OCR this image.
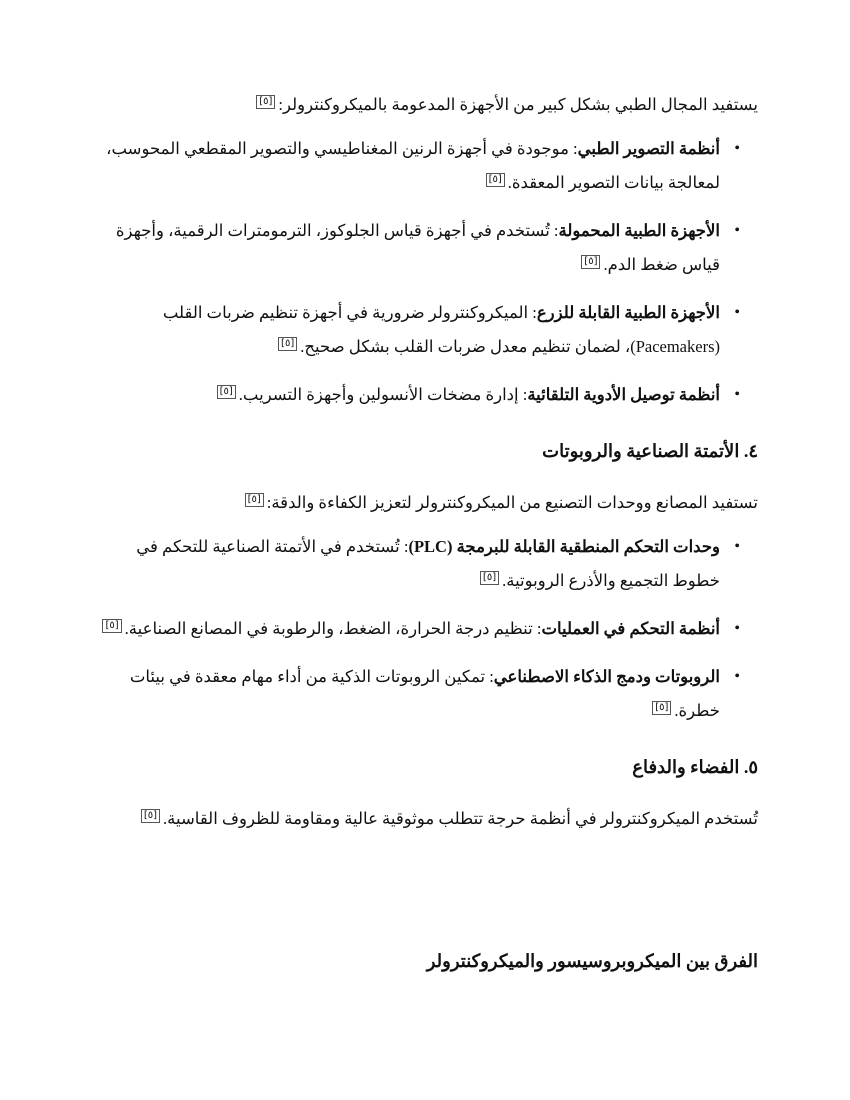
يستفيد المجال الطبي بشكل كبير من الأجهزة المدعومة بالميكروكنترولر:[٥]

• أنظمة التصوير الطبي: موجودة في أجهزة الرنين المغناطيسي والتصوير المقطعي المحوسب، لمعالجة بيانات التصوير المعقدة.[٥]
• الأجهزة الطبية المحمولة: تُستخدم في أجهزة قياس الجلوكوز، الترمومترات الرقمية، وأجهزة قياس ضغط الدم.[٥]
• الأجهزة الطبية القابلة للزرع: الميكروكنترولر ضرورية في أجهزة تنظيم ضربات القلب (Pacemakers)، لضمان تنظيم معدل ضربات القلب بشكل صحيح.[٥]
• أنظمة توصيل الأدوية التلقائية: إدارة مضخات الأنسولين وأجهزة التسريب.[٥]
٤. الأتمتة الصناعية والروبوتات

تستفيد المصانع ووحدات التصنيع من الميكروكنترولر لتعزيز الكفاءة والدقة:[٥]

• وحدات التحكم المنطقية القابلة للبرمجة (PLC): تُستخدم في الأتمتة الصناعية للتحكم في خطوط التجميع والأذرع الروبوتية.[٥]
• أنظمة التحكم في العمليات: تنظيم درجة الحرارة، الضغط، والرطوبة في المصانع الصناعية.[٥]
• الروبوتات ودمج الذكاء الاصطناعي: تمكين الروبوتات الذكية من أداء مهام معقدة في بيئات خطرة.[٥]
٥. الفضاء والدفاع

تُستخدم الميكروكنترولر في أنظمة حرجة تتطلب موثوقية عالية ومقاومة للظروف القاسية.[٥]

الفرق بين الميكروبروسيسور والميكروكنترولر
